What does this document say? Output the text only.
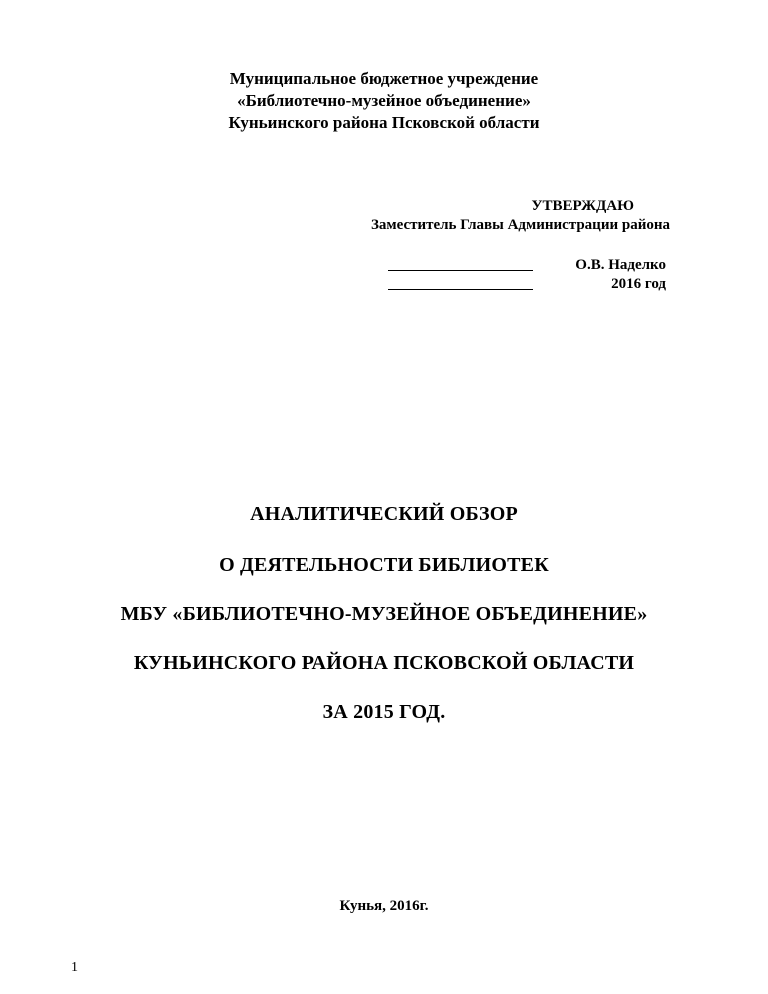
Муниципальное бюджетное учреждение
«Библиотечно-музейное объединение»
Куньинского района Псковской области
УТВЕРЖДАЮ
Заместитель Главы Администрации района
О.В. Наделко
2016 год
АНАЛИТИЧЕСКИЙ ОБЗОР
О ДЕЯТЕЛЬНОСТИ БИБЛИОТЕК
МБУ «БИБЛИОТЕЧНО-МУЗЕЙНОЕ ОБЪЕДИНЕНИЕ»
КУНЬИНСКОГО РАЙОНА ПСКОВСКОЙ ОБЛАСТИ
ЗА 2015 ГОД.
Кунья, 2016г.
1
